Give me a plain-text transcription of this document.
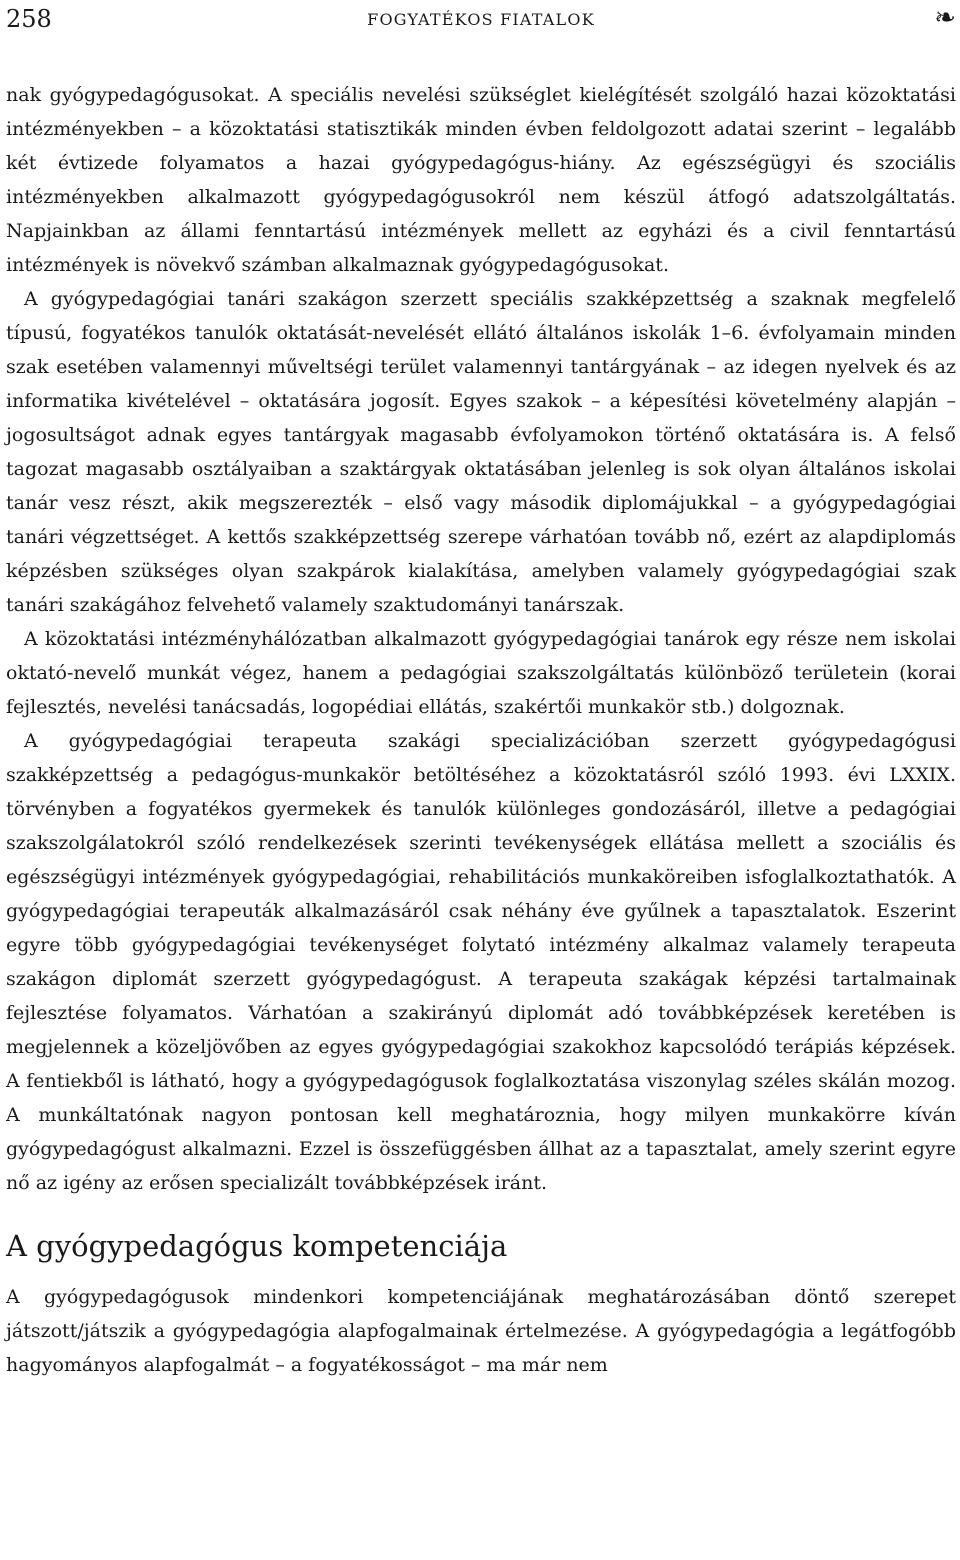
258	FOGYATÉKOS FIATALOK	❧

nak gyógypedagógusokat. A speciális nevelési szükséglet kielégítését szolgáló hazai közoktatási intézményekben – a közoktatási statisztikák minden évben feldolgozott adatai szerint – legalább két évtizede folyamatos a hazai gyógypedagógus-hiány. Az egészségügyi és szociális intézményekben alkalmazott gyógypedagógusokról nem készül átfogó adatszolgáltatás. Napjainkban az állami fenntartású intézmények mellett az egyházi és a civil fenntartású intézmények is növekvő számban alkalmaznak gyógypedagógusokat.

A gyógypedagógiai tanári szakágon szerzett speciális szakképzettség a szaknak megfelelő típusú, fogyatékos tanulók oktatását-nevelését ellátó általános iskolák 1–6. évfolyamain minden szak esetében valamennyi műveltségi terület valamennyi tantárgyának – az idegen nyelvek és az informatika kivételével – oktatására jogosít. Egyes szakok – a képesítési követelmény alapján – jogosultságot adnak egyes tantárgyak magasabb évfolyamokon történő oktatására is. A felső tagozat magasabb osztályaiban a szaktárgyak oktatásában jelenleg is sok olyan általános iskolai tanár vesz részt, akik megszerezték – első vagy második diplomájukkal – a gyógypedagógiai tanári végzettséget. A kettős szakképzettség szerepe várhatóan tovább nő, ezért az alapdiplomás képzésben szükséges olyan szakpárok kialakítása, amelyben valamely gyógypedagógiai szak tanári szakágához felvehető valamely szaktudományi tanárszak.

A közoktatási intézményhálózatban alkalmazott gyógypedagógiai tanárok egy része nem iskolai oktató-nevelő munkát végez, hanem a pedagógiai szakszolgáltatás különböző területein (korai fejlesztés, nevelési tanácsadás, logopédiai ellátás, szakértői munkakör stb.) dolgoznak.

A gyógypedagógiai terapeuta szakági specializációban szerzett gyógypedagógusi szakképzettség a pedagógus-munkakör betöltéséhez a közoktatásról szóló 1993. évi LXXIX. törvényben a fogyatékos gyermekek és tanulók különleges gondozásáról, illetve a pedagógiai szakszolgálatokról szóló rendelkezések szerinti tevékenységek ellátása mellett a szociális és egészségügyi intézmények gyógypedagógiai, rehabilitációs munkaköreiben isfoglalkoztathatók. A gyógypedagógiai terapeuták alkalmazásáról csak néhány éve gyűlnek a tapasztalatok. Eszerint egyre több gyógypedagógiai tevékenységet folytató intézmény alkalmaz valamely terapeuta szakágon diplomát szerzett gyógypedagógust. A terapeuta szakágak képzési tartalmainak fejlesztése folyamatos. Várhatóan a szakirányú diplomát adó továbbképzések keretében is megjelennek a közeljövőben az egyes gyógypedagógiai szakokhoz kapcsolódó terápiás képzések. A fentiekből is látható, hogy a gyógypedagógusok foglalkoztatása viszonylag széles skálán mozog. A munkáltatónak nagyon pontosan kell meghatároznia, hogy milyen munkakörre kíván gyógypedagógust alkalmazni. Ezzel is összefüggésben állhat az a tapasztalat, amely szerint egyre nő az igény az erősen specializált továbbképzések iránt.

A gyógypedagógus kompetenciája

A gyógypedagógusok mindenkori kompetenciájának meghatározásában döntő szerepet játszott/játszik a gyógypedagógia alapfogalmainak értelmezése. A gyógypedagógia a legátfogóbb hagyományos alapfogalmát – a fogyatékosságot – ma már nem
